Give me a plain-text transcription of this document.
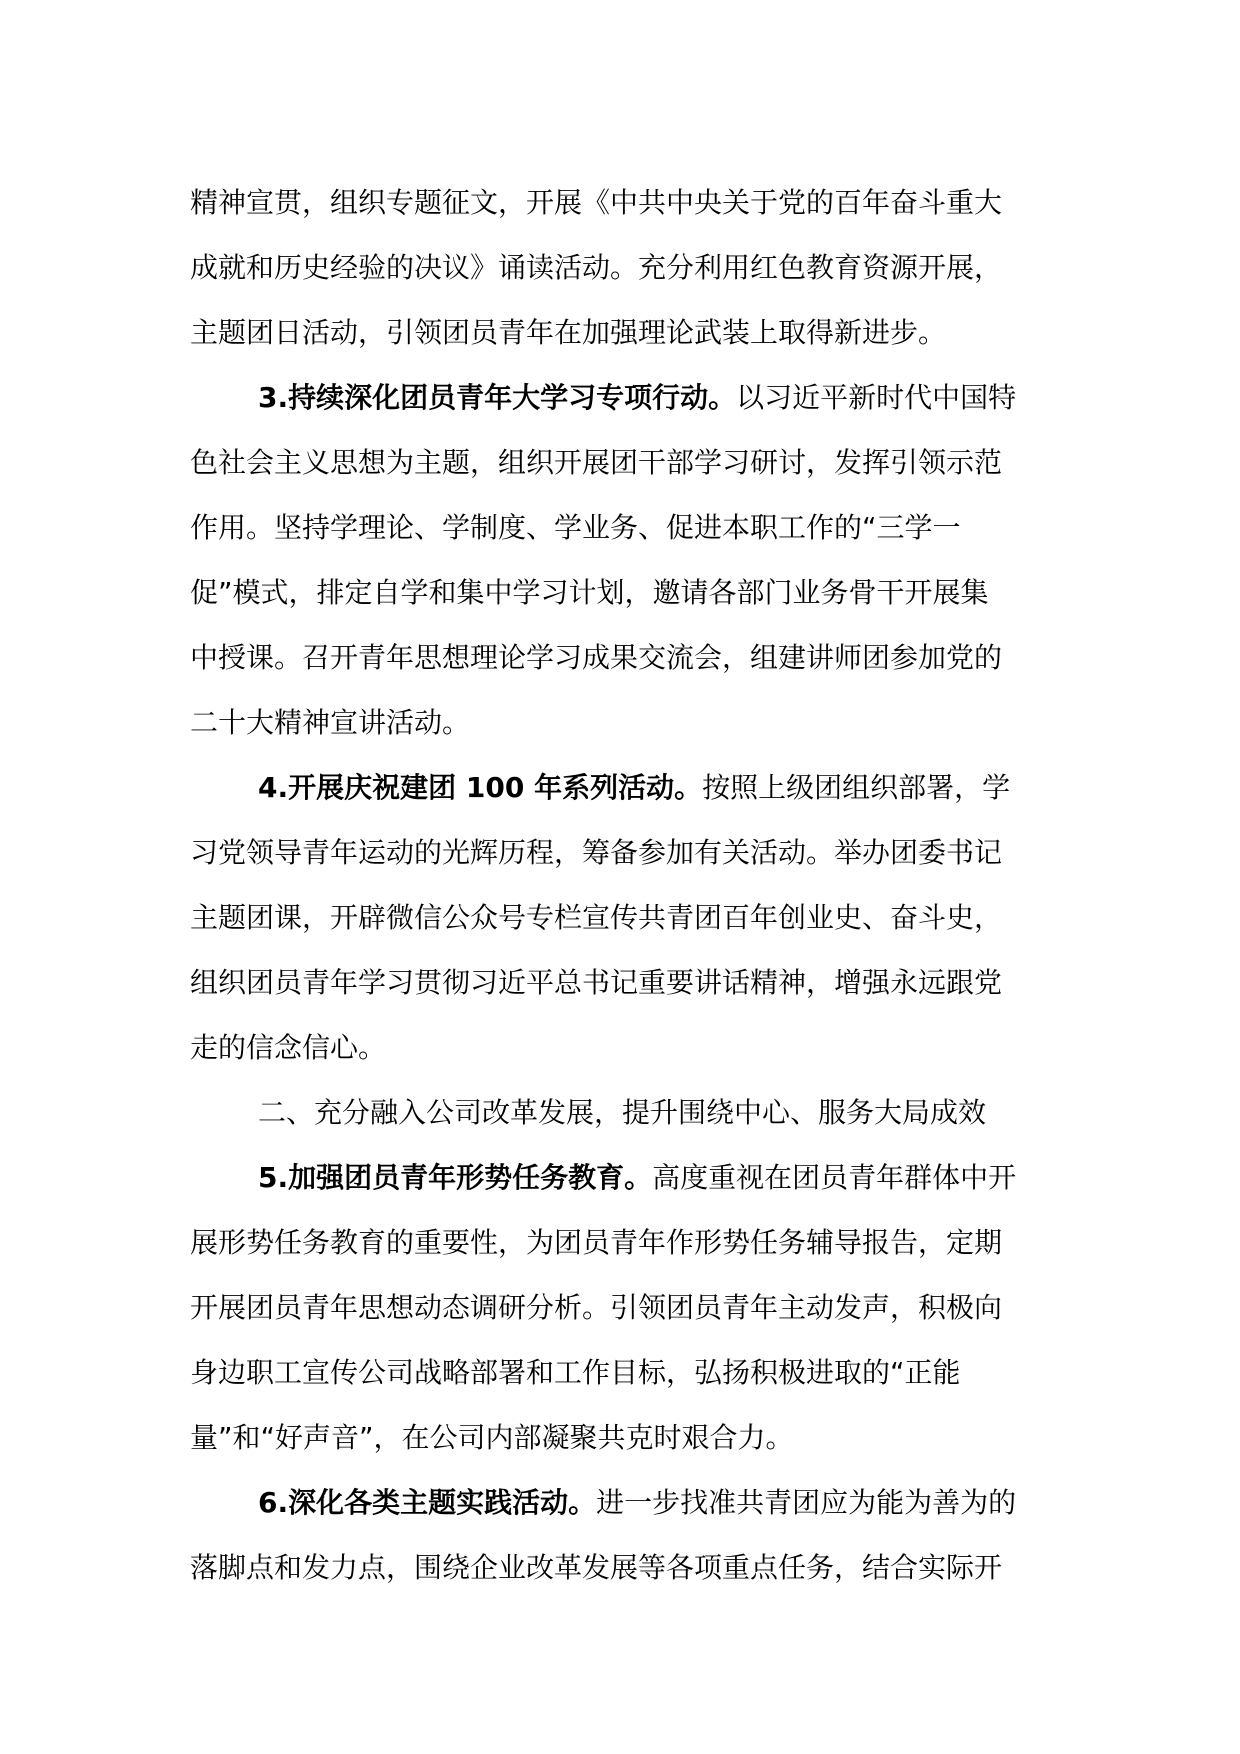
精神宣贯，组织专题征文，开展《中共中央关于党的百年奋斗重大
成就和历史经验的决议》诵读活动。充分利用红色教育资源开展，
主题团日活动，引领团员青年在加强理论武装上取得新进步。
3.持续深化团员青年大学习专项行动。以习近平新时代中国特
色社会主义思想为主题，组织开展团干部学习研讨，发挥引领示范
作用。坚持学理论、学制度、学业务、促进本职工作的“三学一
促”模式，排定自学和集中学习计划，邀请各部门业务骨干开展集
中授课。召开青年思想理论学习成果交流会，组建讲师团参加党的
二十大精神宣讲活动。
4.开展庆祝建团 100 年系列活动。按照上级团组织部署，学
习党领导青年运动的光辉历程，筹备参加有关活动。举办团委书记
主题团课，开辟微信公众号专栏宣传共青团百年创业史、奋斗史，
组织团员青年学习贯彻习近平总书记重要讲话精神，增强永远跟党
走的信念信心。
二、充分融入公司改革发展，提升围绕中心、服务大局成效
5.加强团员青年形势任务教育。高度重视在团员青年群体中开
展形势任务教育的重要性，为团员青年作形势任务辅导报告，定期
开展团员青年思想动态调研分析。引领团员青年主动发声，积极向
身边职工宣传公司战略部署和工作目标，弘扬积极进取的“正能
量”和“好声音”，在公司内部凝聚共克时艰合力。
6.深化各类主题实践活动。进一步找准共青团应为能为善为的
落脚点和发力点，围绕企业改革发展等各项重点任务，结合实际开
